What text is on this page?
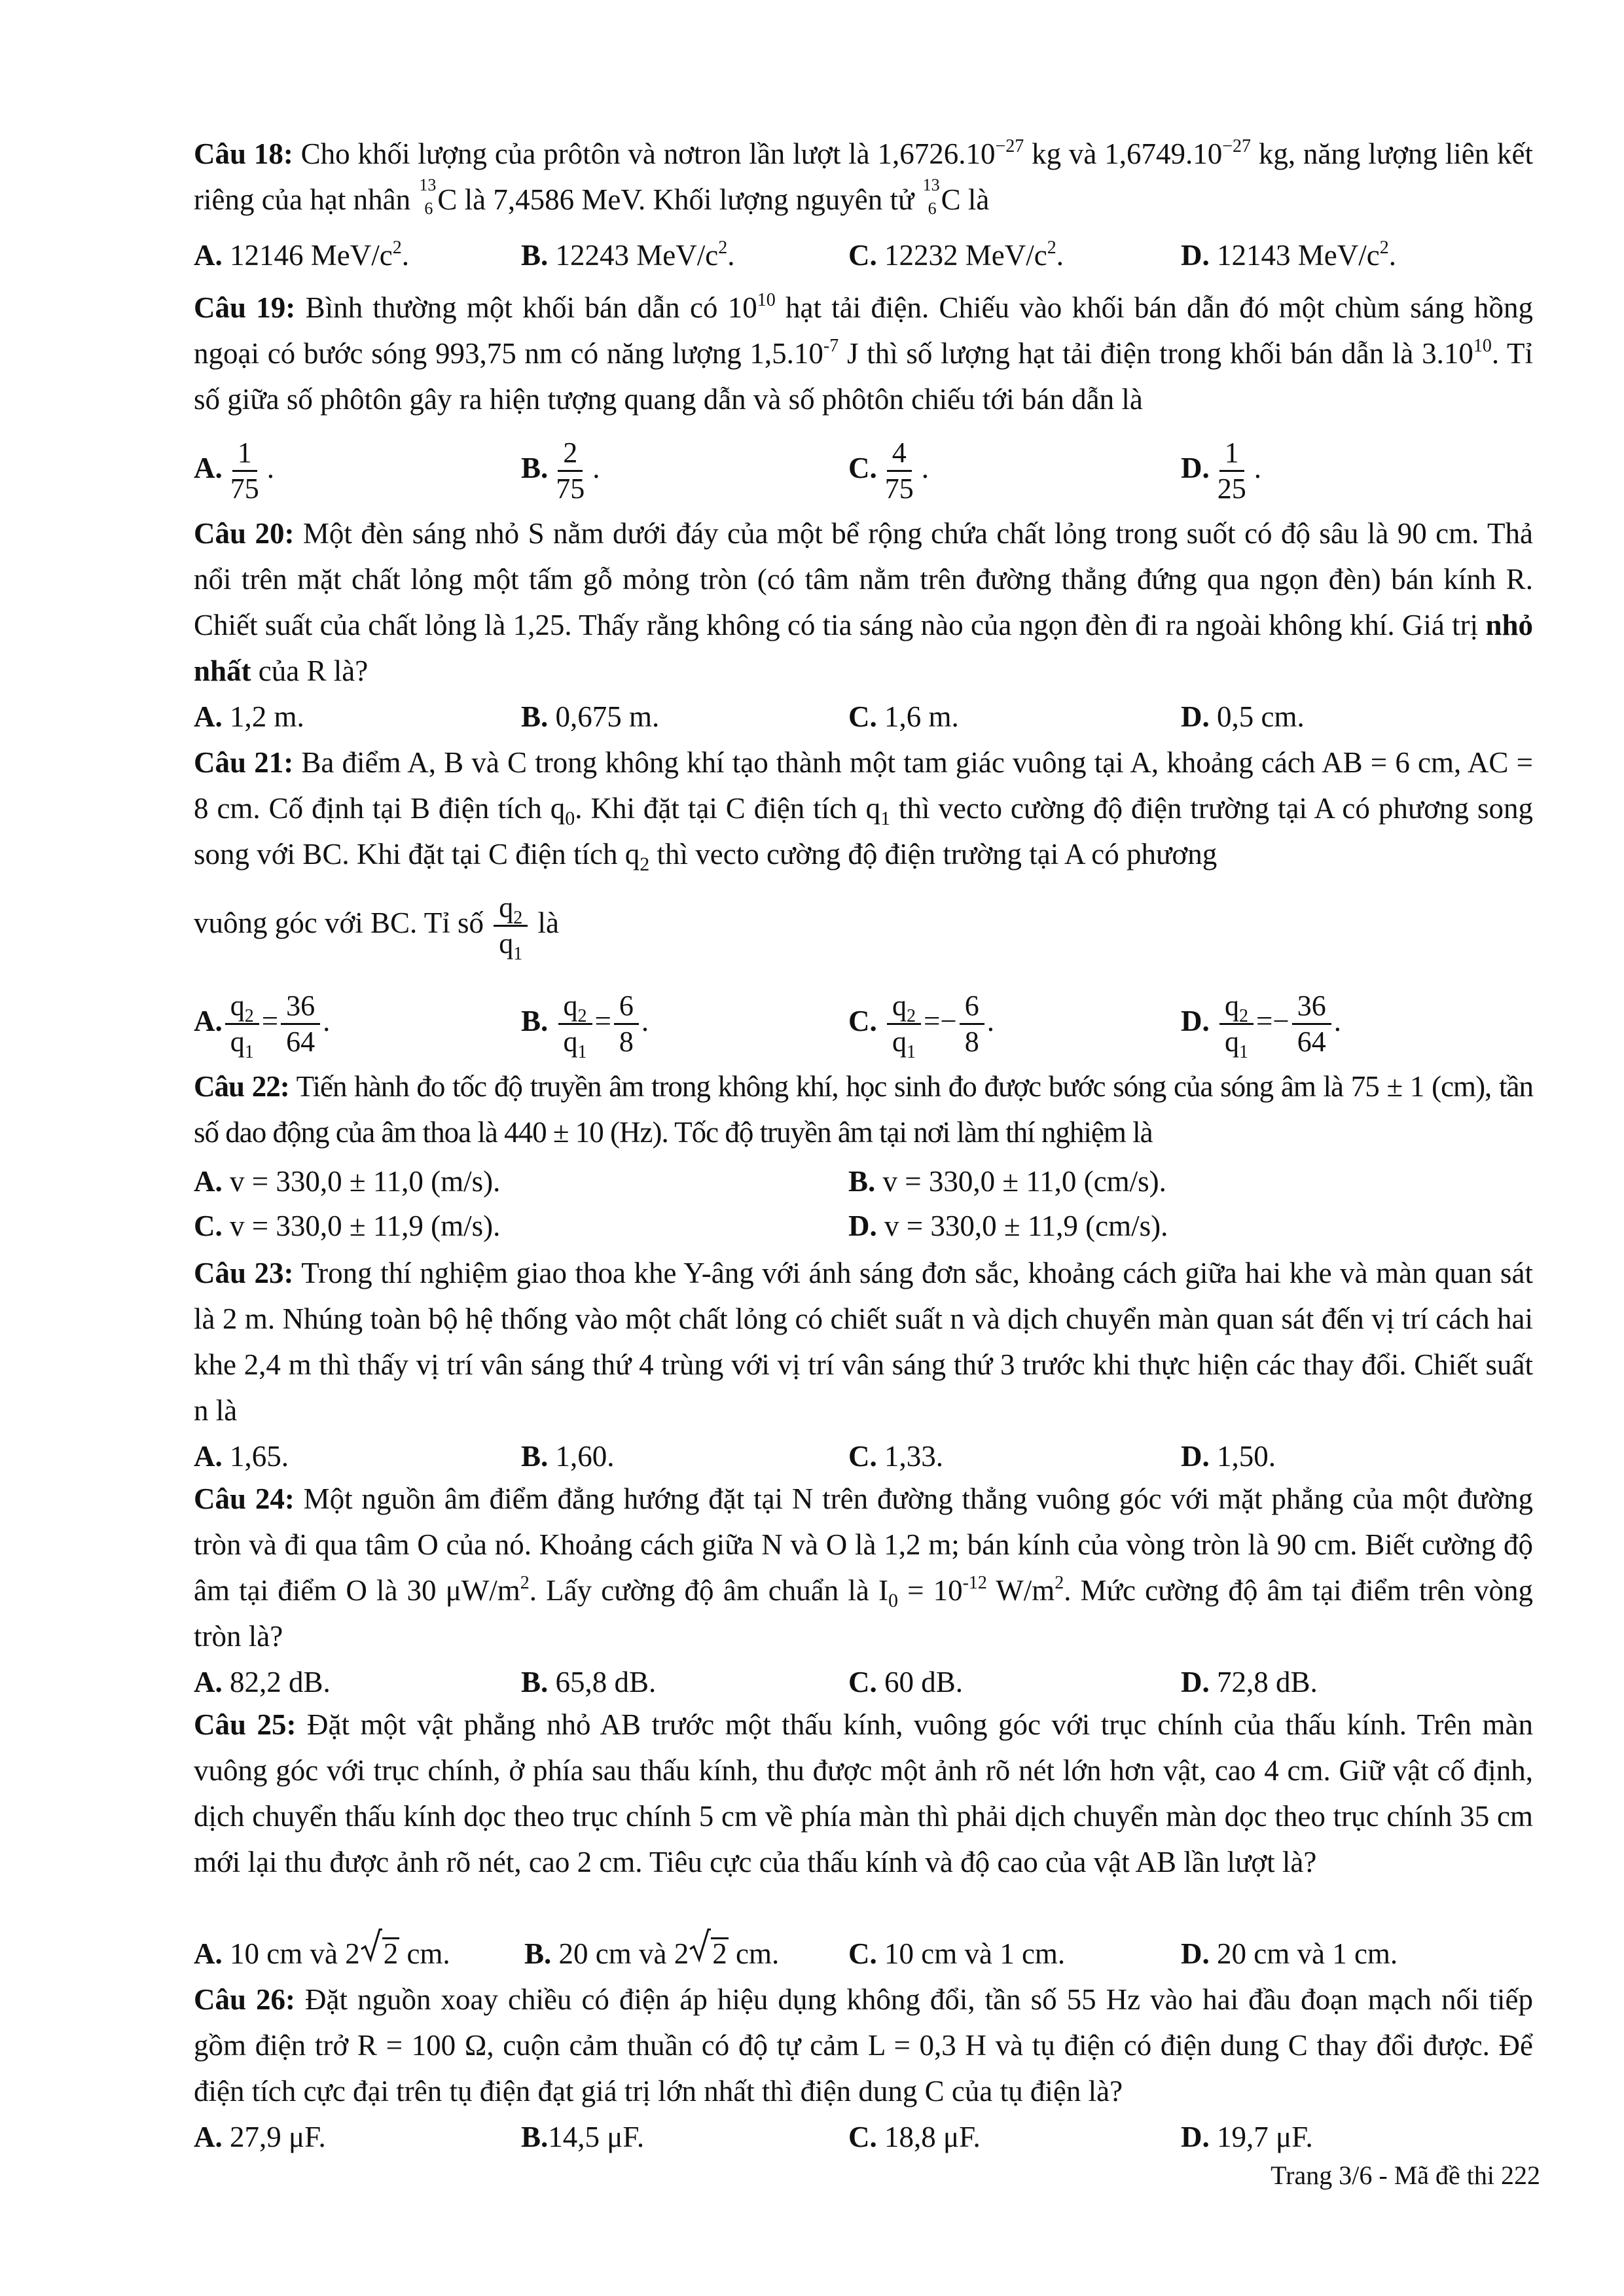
Câu 18: Cho khối lượng của prôtôn và nơtron lần lượt là $1,6726.10^{-27}$ kg và $1,6749.10^{-27}$ kg, năng lượng liên kết riêng của hạt nhân 13
6 C là 7,4586 MeV. Khối lượng nguyên tử 13
6 C là
A. 12146 MeV/$c^2$.	B. 12243 MeV/$c^2$.	C. 12232 MeV/$c^2$.	D. 12143 MeV/$c^2$.
Câu 19: Bình thường một khối bán dẫn có $10^{10}$ hạt tải điện. Chiếu vào khối bán dẫn đó một chùm sáng hồng ngoại có bước sóng 993,75 nm có năng lượng $1,5.10^{-7}$ J thì số lượng hạt tải điện trong khối bán dẫn là 3.10$^{10}$. Tỉ số giữa số phôtôn gây ra hiện tượng quang dẫn và số phôtôn chiếu tới bán dẫn là
A. $\frac{1}{75}$ .	B. $\frac{2}{75}$ .	C. $\frac{4}{75}$ .	D. $\frac{1}{25}$ .
Câu 20: Một đèn sáng nhỏ S nằm dưới đáy của một bể rộng chứa chất lỏng trong suốt có độ sâu là 90 cm. Thả nổi trên mặt chất lỏng một tấm gỗ mỏng tròn (có tâm nằm trên đường thẳng đứng qua ngọn đèn) bán kính R. Chiết suất của chất lỏng là 1,25. Thấy rằng không có tia sáng nào của ngọn đèn đi ra ngoài không khí. Giá trị nhỏ nhất của R là?
A. 1,2 m.	B. 0,675 m.	C. 1,6 m.	D. 0,5 cm.
Câu 21: Ba điểm A, B và C trong không khí tạo thành một tam giác vuông tại A, khoảng cách AB = 6 cm, AC = 8 cm. Cố định tại B điện tích $q_0$. Khi đặt tại C điện tích $q_1$ thì vecto cường độ điện trường tại A có phương song song với BC. Khi đặt tại C điện tích $q_2$ thì vecto cường độ điện trường tại A có phương
vuông góc với BC. Tỉ số $\frac{q_2}{q_1}$ là
A. $\frac{q_2}{q_1} = \frac{36}{64}$ .	B. $\frac{q_2}{q_1} = \frac{6}{8}$ .	C. $\frac{q_2}{q_1} =- \frac{6}{8}$ .	D. $\frac{q_2}{q_1} =- \frac{36}{64}$ .
Câu 22: Tiến hành đo tốc độ truyền âm trong không khí, học sinh đo được bước sóng của sóng âm là 75 ± 1 (cm), tần số dao động của âm thoa là 440 ± 10 (Hz). Tốc độ truyền âm tại nơi làm thí nghiệm là
A. v = 330,0 ± 11,0 (m/s).	B. v = 330,0 ± 11,0 (cm/s).
C. v = 330,0 ± 11,9 (m/s).	D. v = 330,0 ± 11,9 (cm/s).
Câu 23: Trong thí nghiệm giao thoa khe Y-âng với ánh sáng đơn sắc, khoảng cách giữa hai khe và màn quan sát là 2 m. Nhúng toàn bộ hệ thống vào một chất lỏng có chiết suất n và dịch chuyển màn quan sát đến vị trí cách hai khe 2,4 m thì thấy vị trí vân sáng thứ 4 trùng với vị trí vân sáng thứ 3 trước khi thực hiện các thay đổi. Chiết suất n là
A. 1,65.	B. 1,60.	C. 1,33.	D. 1,50.
Câu 24: Một nguồn âm điểm đẳng hướng đặt tại N trên đường thẳng vuông góc với mặt phẳng của một đường tròn và đi qua tâm O của nó. Khoảng cách giữa N và O là 1,2 m; bán kính của vòng tròn là 90 cm. Biết cường độ âm tại điểm O là 30 $\mu W/m^2$. Lấy cường độ âm chuẩn là $I_0 = 10^{-12}$ $W/m^2$. Mức cường độ âm tại điểm trên vòng tròn là?
A. 82,2 dB.	B. 65,8 dB.	C. 60 dB.	D. 72,8 dB.
Câu 25: Đặt một vật phẳng nhỏ AB trước một thấu kính, vuông góc với trục chính của thấu kính. Trên màn vuông góc với trục chính, ở phía sau thấu kính, thu được một ảnh rõ nét lớn hơn vật, cao 4 cm. Giữ vật cố định, dịch chuyển thấu kính dọc theo trục chính 5 cm về phía màn thì phải dịch chuyển màn dọc theo trục chính 35 cm mới lại thu được ảnh rõ nét, cao 2 cm. Tiêu cực của thấu kính và độ cao của vật AB lần lượt là?
A. 10 cm và 2 2 cm.	B. 20 cm và 2 2 cm. C. 10 cm và 1 cm.	D. 20 cm và 1 cm.
Câu 26: Đặt nguồn xoay chiều có điện áp hiệu dụng không đổi, tần số 55 Hz vào hai đầu đoạn mạch nối tiếp gồm điện trở R = 100 Ω, cuộn cảm thuần có độ tự cảm L = 0,3 H và tụ điện có điện dung C thay đổi được. Để điện tích cực đại trên tụ điện đạt giá trị lớn nhất thì điện dung C của tụ điện là?
A. 27,9 μF.	B.14,5 μF.	C. 18,8 μF.	D. 19,7 μF.
Trang 3/6 - Mã đề thi 222
